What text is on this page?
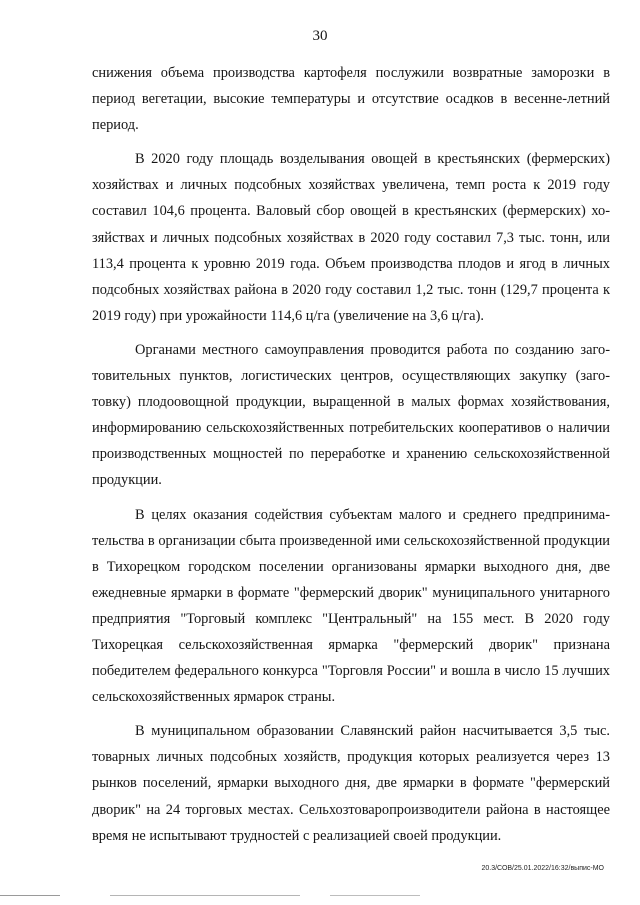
30

снижения объема производства картофеля послужили возвратные заморозки в период вегетации, высокие температуры и отсутствие осадков в весенне-летний период.

В 2020 году площадь возделывания овощей в крестьянских (фермерских) хозяйствах и личных подсобных хозяйствах увеличена, темп роста к 2019 году составил 104,6 процента. Валовый сбор овощей в крестьянских (фермерских) хозяйствах и личных подсобных хозяйствах в 2020 году составил 7,3 тыс. тонн, или 113,4 процента к уровню 2019 года. Объем производства плодов и ягод в личных подсобных хозяйствах района в 2020 году составил 1,2 тыс. тонн (129,7 процента к 2019 году) при урожайности 114,6 ц/га (увеличение на 3,6 ц/га).

Органами местного самоуправления проводится работа по созданию заготовительных пунктов, логистических центров, осуществляющих закупку (заготовку) плодоовощной продукции, выращенной в малых формах хозяйствования, информированию сельскохозяйственных потребительских кооперативов о наличии производственных мощностей по переработке и хранению сельскохозяйственной продукции.

В целях оказания содействия субъектам малого и среднего предпринимательства в организации сбыта произведенной ими сельскохозяйственной продукции в Тихорецком городском поселении организованы ярмарки выходного дня, две ежедневные ярмарки в формате "фермерский дворик" муниципального унитарного предприятия "Торговый комплекс "Центральный" на 155 мест. В 2020 году Тихорецкая сельскохозяйственная ярмарка "фермерский дворик" признана победителем федерального конкурса "Торговля России" и вошла в число 15 лучших сельскохозяйственных ярмарок страны.

В муниципальном образовании Славянский район насчитывается 3,5 тыс. товарных личных подсобных хозяйств, продукция которых реализуется через 13 рынков поселений, ярмарки выходного дня, две ярмарки в формате "фермерский дворик" на 24 торговых местах. Сельхозтоваропроизводители района в настоящее время не испытывают трудностей с реализацией своей продукции.

20.3/СОВ/25.01.2022/16:32/выпис-МО
